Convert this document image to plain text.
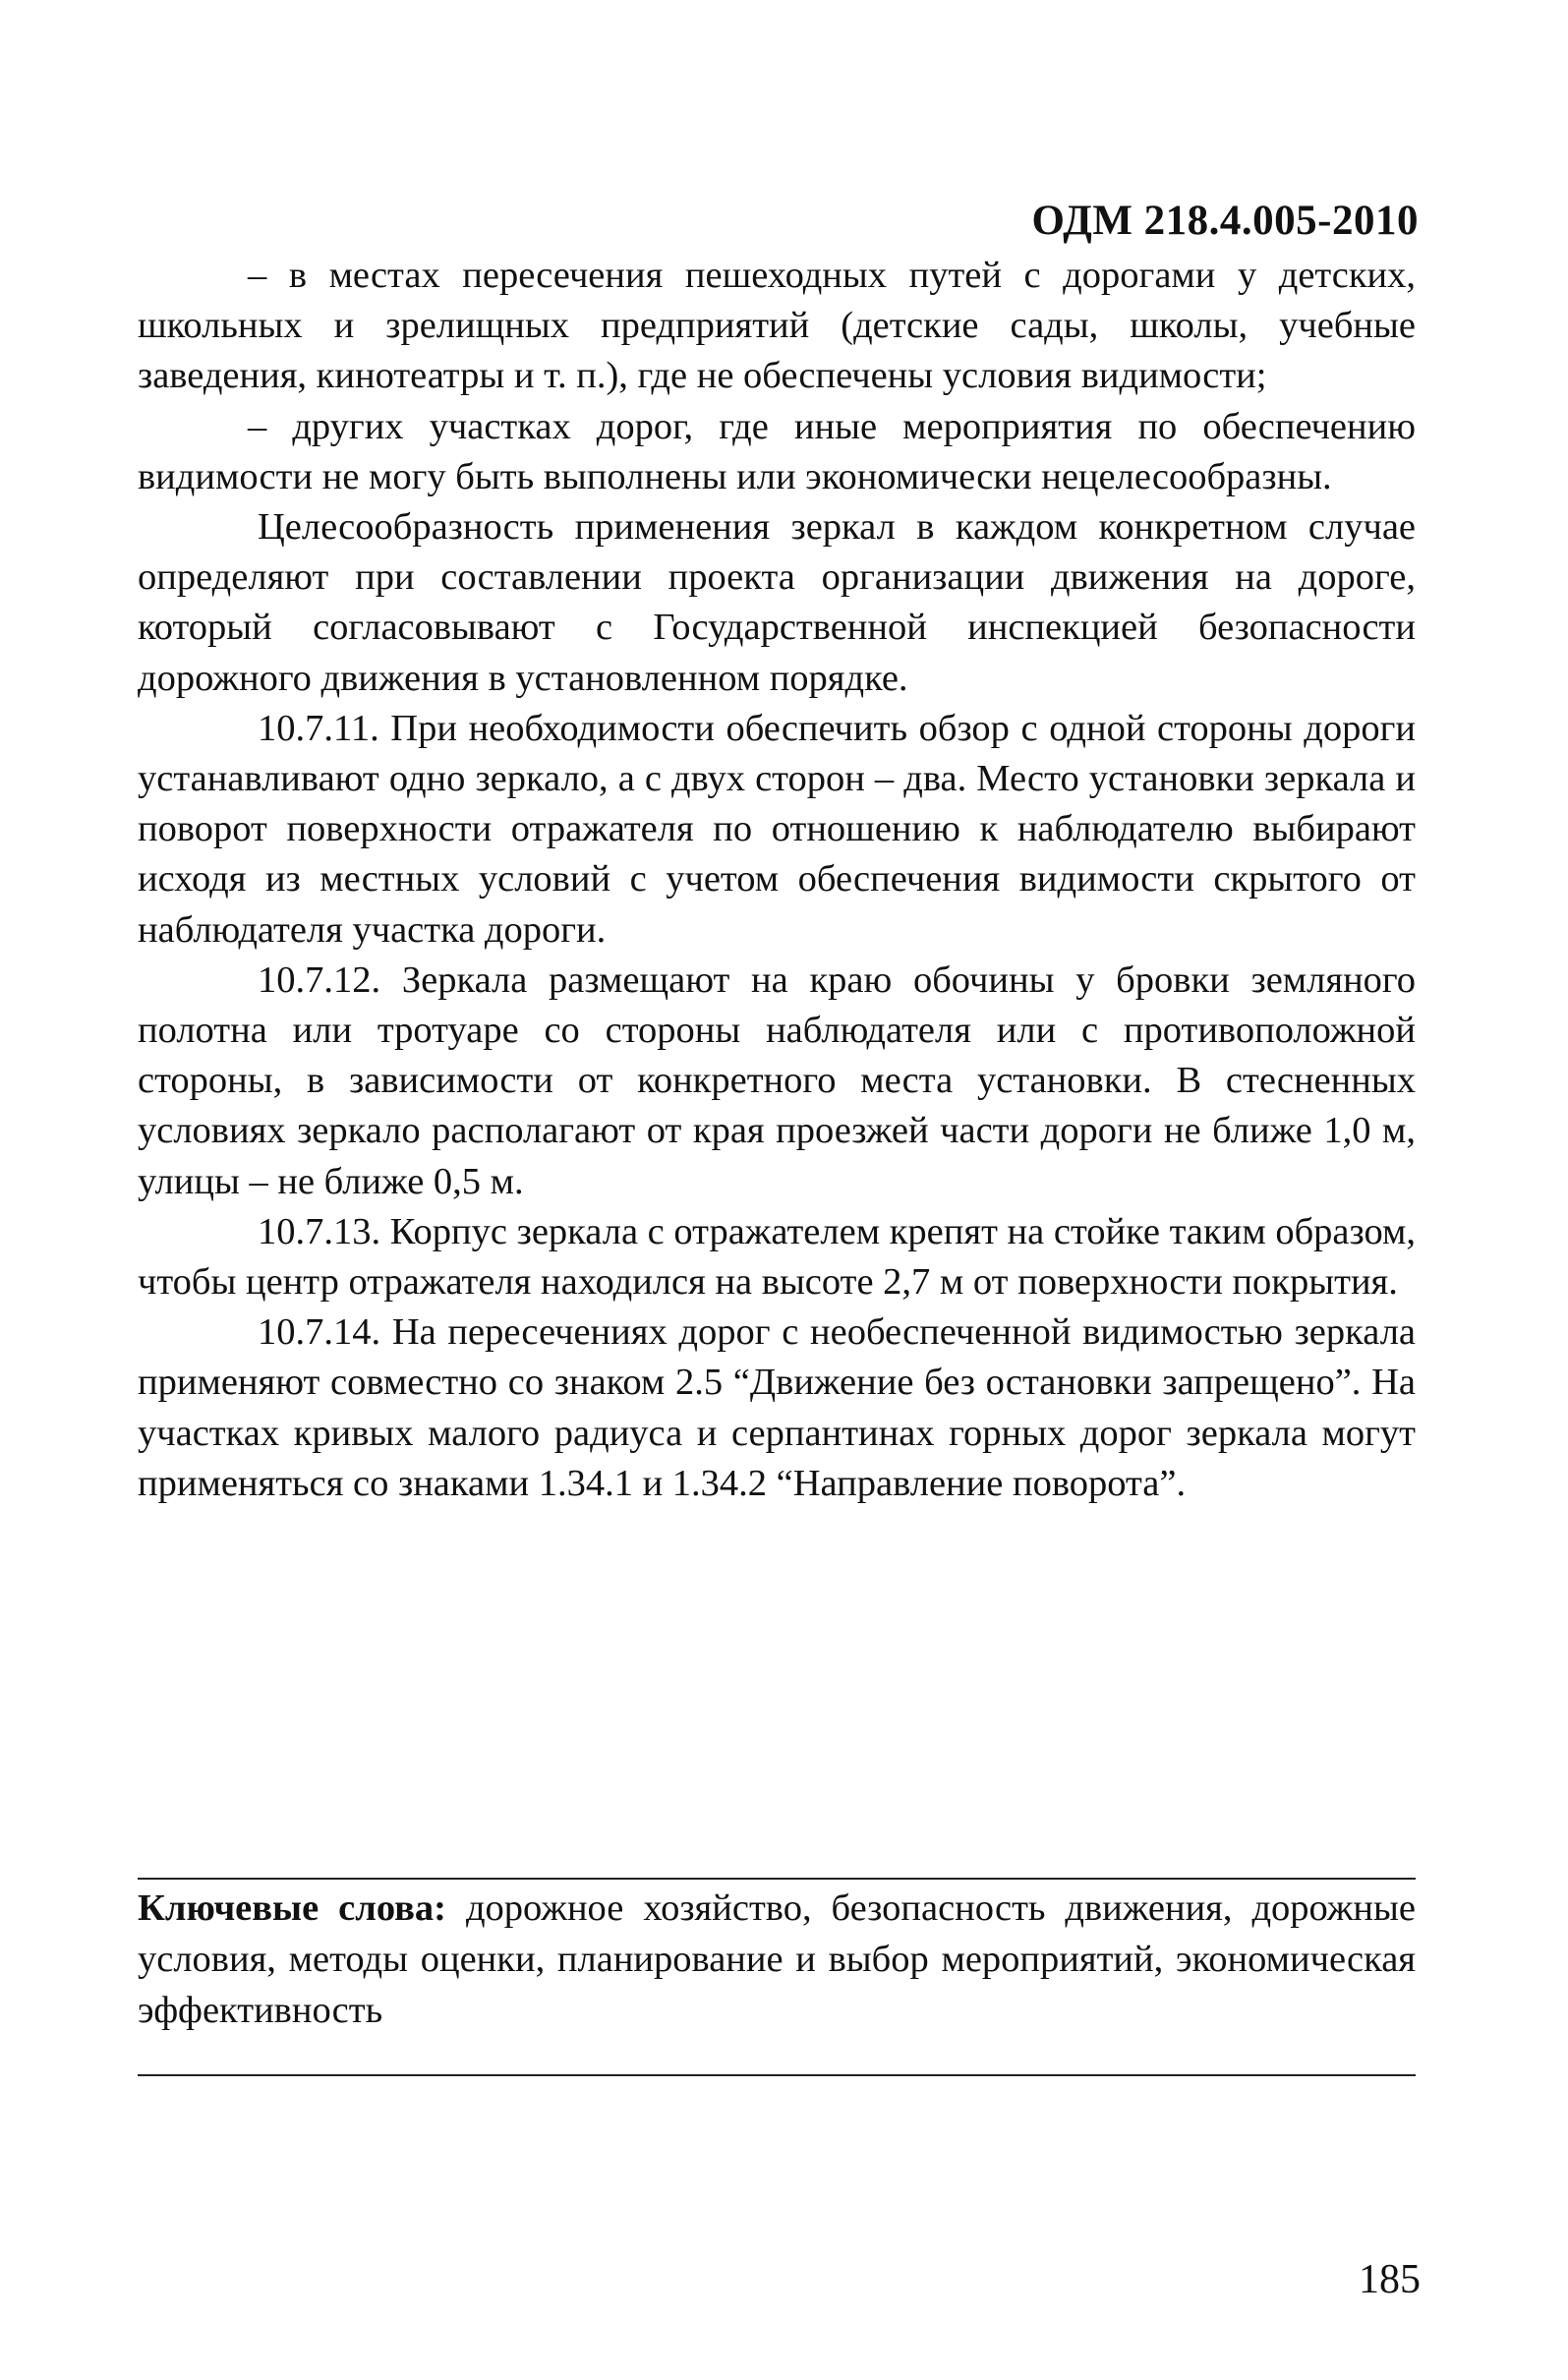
ОДМ 218.4.005-2010

– в местах пересечения пешеходных путей с дорогами у детских, школьных и зрелищных предприятий (детские сады, школы, учебные заведения, кинотеатры и т. п.), где не обеспечены условия видимости;

– других участках дорог, где иные мероприятия по обеспечению видимости не могу быть выполнены или экономически нецелесообразны.

Целесообразность применения зеркал в каждом конкретном случае определяют при составлении проекта организации движения на дороге, который согласовывают с Государственной инспекцией безопасности дорожного движения в установленном порядке.

10.7.11. При необходимости обеспечить обзор с одной стороны дороги устанавливают одно зеркало, а с двух сторон – два. Место установки зеркала и поворот поверхности отражателя по отношению к наблюдателю выбирают исходя из местных условий с учетом обеспечения видимости скрытого от наблюдателя участка дороги.

10.7.12. Зеркала размещают на краю обочины у бровки земляного полотна или тротуаре со стороны наблюдателя или с противоположной стороны, в зависимости от конкретного места установки. В стесненных условиях зеркало располагают от края проезжей части дороги не ближе 1,0 м, улицы – не ближе 0,5 м.

10.7.13. Корпус зеркала с отражателем крепят на стойке таким образом, чтобы центр отражателя находился на высоте 2,7 м от поверхности покрытия.

10.7.14. На пересечениях дорог с необеспеченной видимостью зеркала применяют совместно со знаком 2.5 “Движение без остановки запрещено”. На участках кривых малого радиуса и серпантинах горных дорог зеркала могут применяться со знаками 1.34.1 и 1.34.2 “Направление поворота”.

Ключевые слова: дорожное хозяйство, безопасность движения, дорожные условия, методы оценки, планирование и выбор мероприятий, экономическая эффективность
185
